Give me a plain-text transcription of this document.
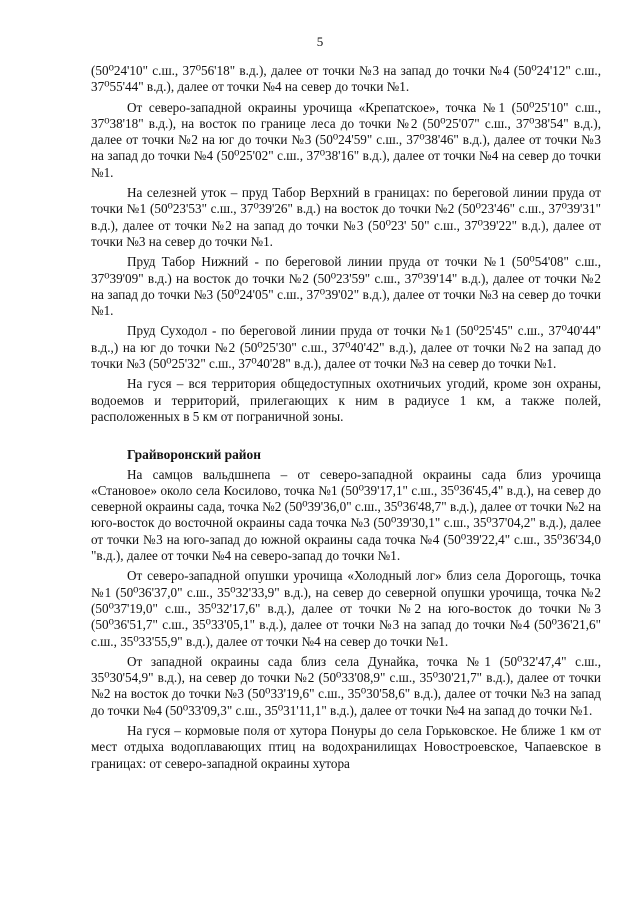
5

(50⁰24'10" с.ш., 37⁰56'18" в.д.), далее от точки №3 на запад до точки №4 (50⁰24'12" с.ш., 37⁰55'44" в.д.), далее от точки №4 на север до точки №1.

От северо-западной окраины урочища «Крепатское», точка №1 (50⁰25'10" с.ш., 37⁰38'18" в.д.), на восток по границе леса до точки №2 (50⁰25'07" с.ш., 37⁰38'54" в.д.), далее от точки №2 на юг до точки №3 (50⁰24'59" с.ш., 37⁰38'46" в.д.), далее от точки №3 на запад до точки №4 (50⁰25'02" с.ш., 37⁰38'16" в.д.), далее от точки №4 на север до точки №1.

На селезней уток – пруд Табор Верхний в границах: по береговой линии пруда от точки №1 (50⁰23'53" с.ш., 37⁰39'26" в.д.) на восток до точки №2 (50⁰23'46" с.ш., 37⁰39'31" в.д.), далее от точки №2 на запад до точки №3 (50⁰23' 50" с.ш., 37⁰39'22" в.д.), далее от точки №3 на север до точки №1.

Пруд Табор Нижний - по береговой линии пруда от точки №1 (50⁰54'08" с.ш., 37⁰39'09" в.д.) на восток до точки №2 (50⁰23'59" с.ш., 37⁰39'14" в.д.), далее от точки №2 на запад до точки №3 (50⁰24'05" с.ш., 37⁰39'02" в.д.), далее от точки №3 на север до точки №1.

Пруд Суходол - по береговой линии пруда от точки №1 (50⁰25'45" с.ш., 37⁰40'44" в.д.,) на юг до точки №2 (50⁰25'30" с.ш., 37⁰40'42" в.д.), далее от точки №2 на запад до точки №3 (50⁰25'32" с.ш., 37⁰40'28" в.д.), далее от точки №3 на север до точки №1.

На гуся – вся территория общедоступных охотничьих угодий, кроме зон охраны, водоемов и территорий, прилегающих к ним в радиусе 1 км, а также полей, расположенных в 5 км от пограничной зоны.

Грайворонский район

На самцов вальдшнепа – от северо-западной окраины сада близ урочища «Становое» около села Косилово, точка №1 (50⁰39'17,1" с.ш., 35⁰36'45,4" в.д.), на север до северной окраины сада, точка №2 (50⁰39'36,0" с.ш., 35⁰36'48,7" в.д.), далее от точки №2 на юго-восток до восточной окраины сада точка №3 (50⁰39'30,1" с.ш., 35⁰37'04,2" в.д.), далее от точки №3 на юго-запад до южной окраины сада точка №4 (50⁰39'22,4" с.ш., 35⁰36'34,0 "в.д.), далее от точки №4 на северо-запад до точки №1.

От северо-западной опушки урочища «Холодный лог» близ села Дорогощь, точка №1 (50⁰36'37,0" с.ш., 35⁰32'33,9" в.д.), на север до северной опушки урочища, точка №2 (50⁰37'19,0" с.ш., 35⁰32'17,6" в.д.), далее от точки №2 на юго-восток до точки №3 (50⁰36'51,7" с.ш., 35⁰33'05,1" в.д.), далее от точки №3 на запад до точки №4 (50⁰36'21,6" с.ш., 35⁰33'55,9" в.д.), далее от точки №4 на север до точки №1.

От западной окраины сада близ села Дунайка, точка №1 (50⁰32'47,4" с.ш., 35⁰30'54,9" в.д.), на север до точки №2 (50⁰33'08,9" с.ш., 35⁰30'21,7" в.д.), далее от точки №2 на восток до точки №3 (50⁰33'19,6" с.ш., 35⁰30'58,6" в.д.), далее от точки №3 на запад до точки №4 (50⁰33'09,3" с.ш., 35⁰31'11,1" в.д.), далее от точки №4 на запад до точки №1.

На гуся – кормовые поля от хутора Понуры до села Горьковское. Не ближе 1 км от мест отдыха водоплавающих птиц на водохранилищах Новостроевское, Чапаевское в границах: от северо-западной окраины хутора
